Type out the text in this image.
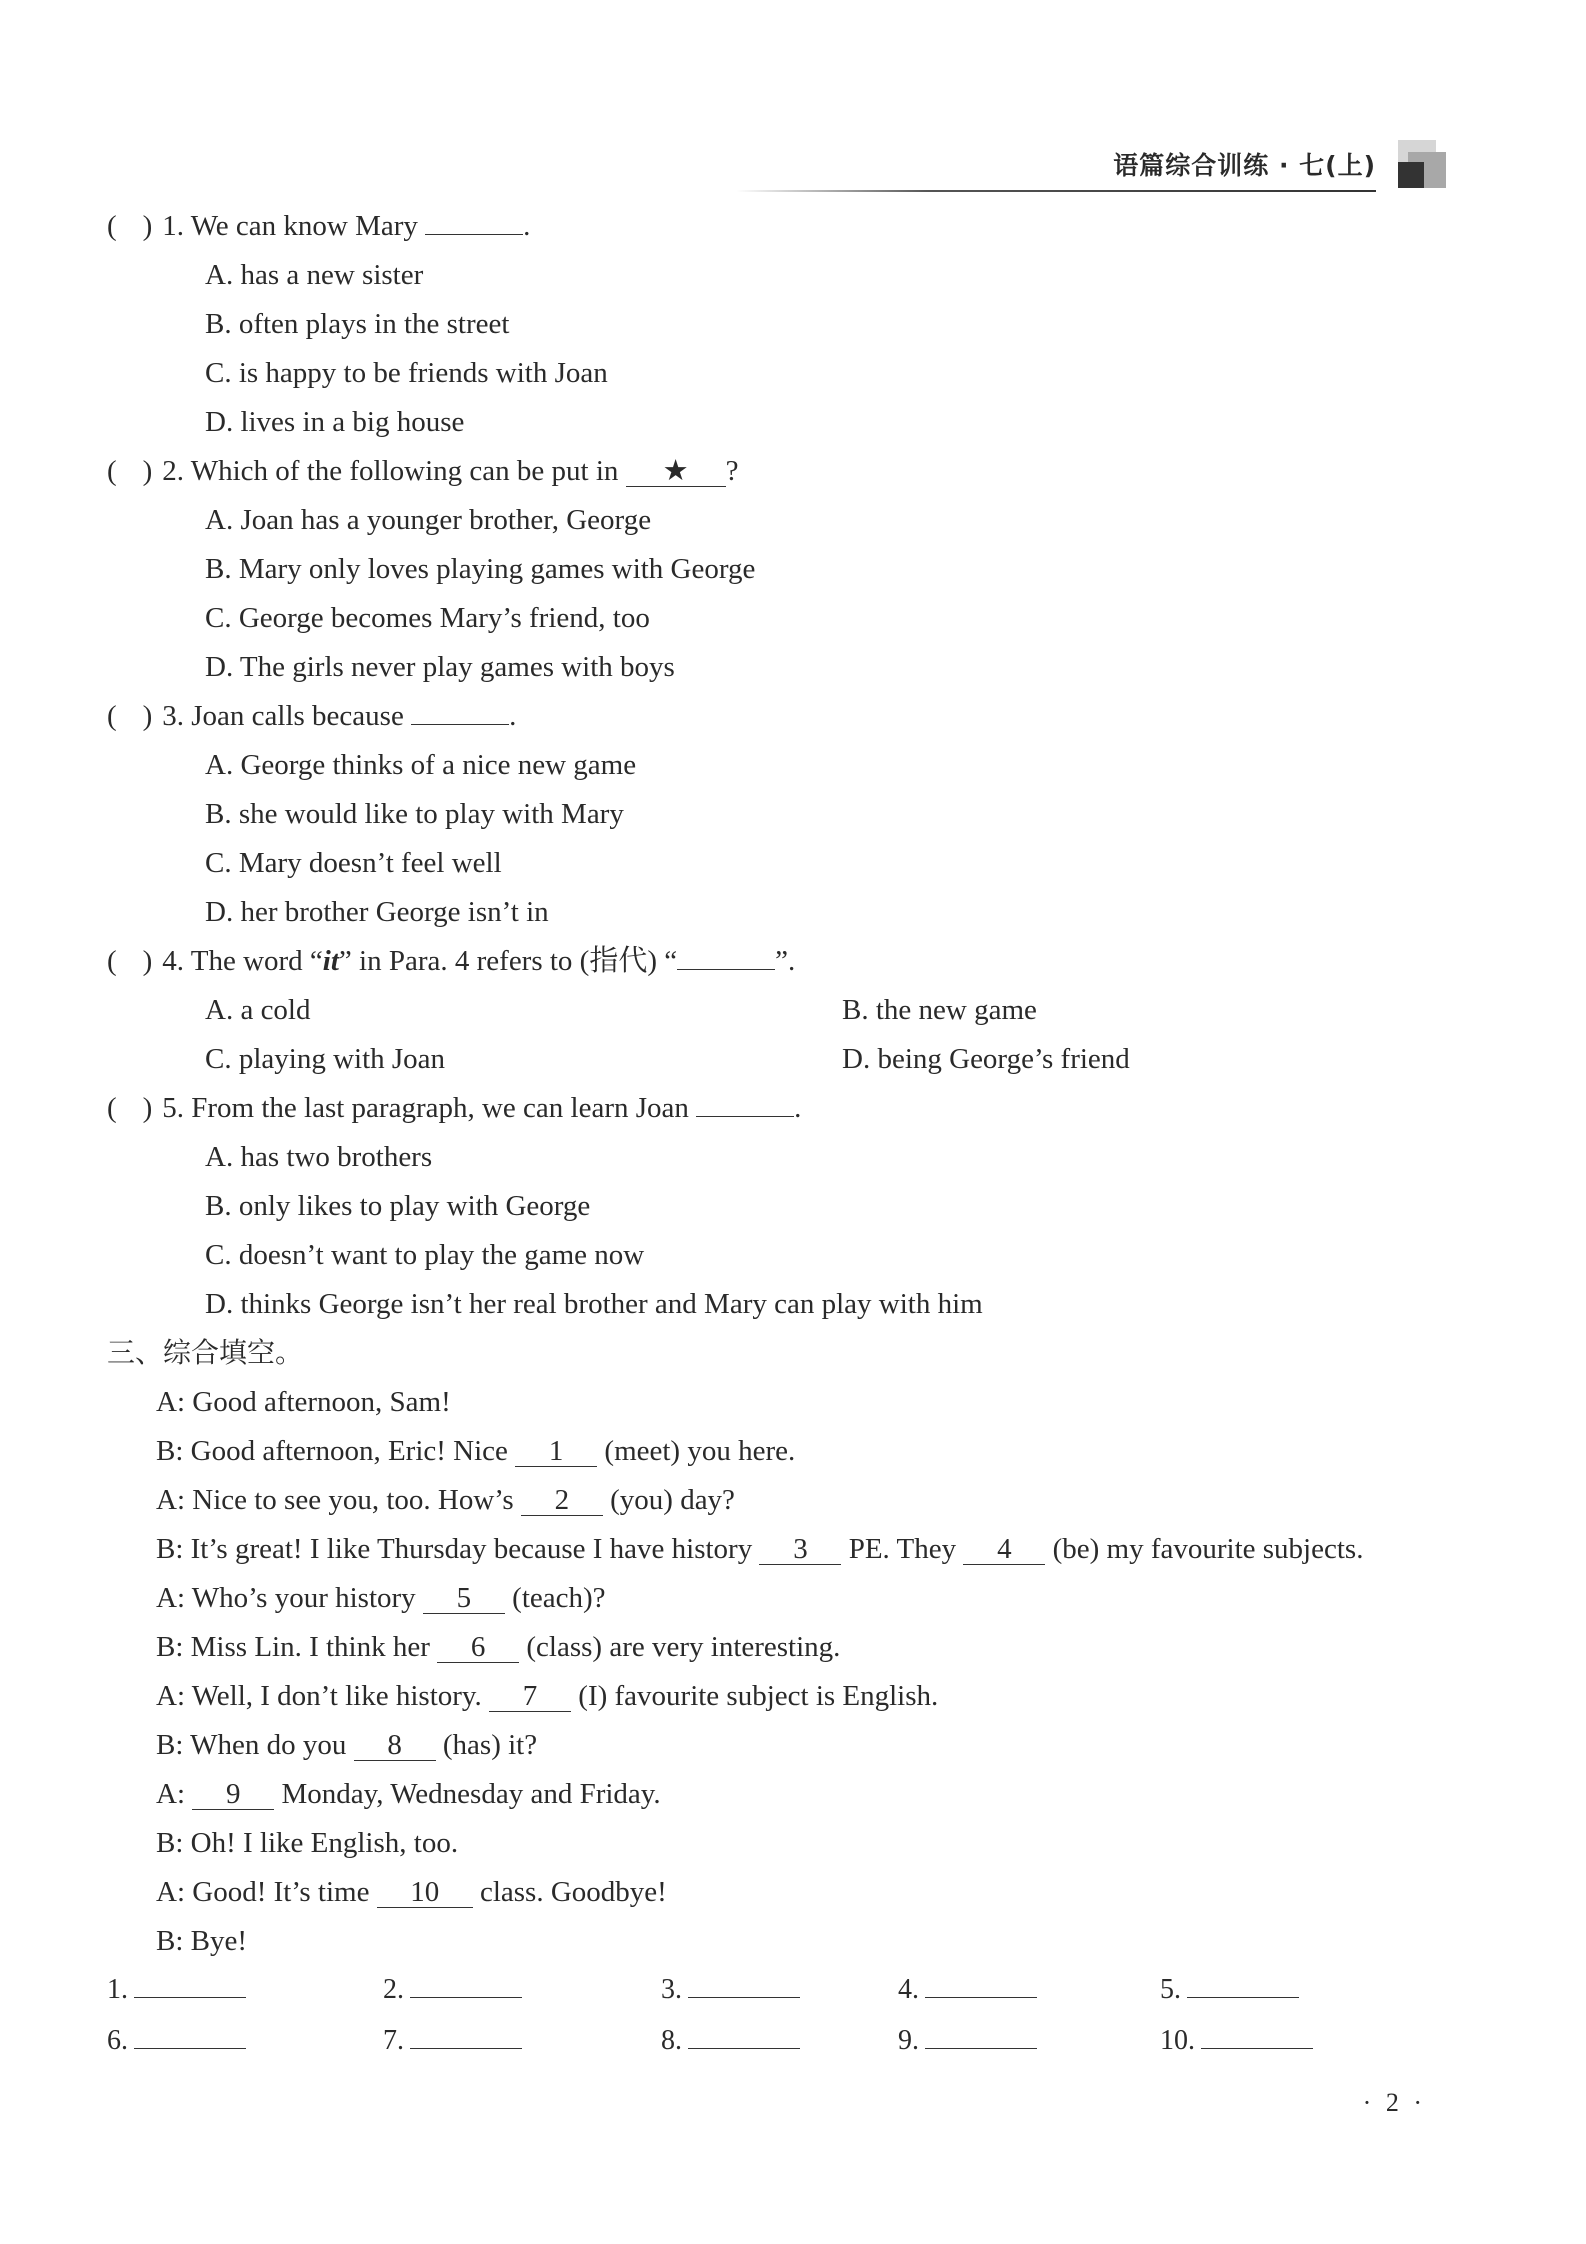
语篇综合训练 · 七(上)
( ) 1. We can know Mary	.
A. has a new sister
B. often plays in the street
C. is happy to be friends with Joan
D. lives in a big house
( ) 2. Which of the following can be put in ★ ?
A. Joan has a younger brother, George
B. Mary only loves playing games with George
C. George becomes Mary’s friend, too
D. The girls never play games with boys
( ) 3. Joan calls because	.
A. George thinks of a nice new game
B. she would like to play with Mary
C. Mary doesn’t feel well
D. her brother George isn’t in
( ) 4. The word “it” in Para. 4 refers to (指代) “	”.
A. a cold	B. the new game
C. playing with Joan	D. being George’s friend
( ) 5. From the last paragraph, we can learn Joan	.
A. has two brothers
B. only likes to play with George
C. doesn’t want to play the game now
D. thinks George isn’t her real brother and Mary can play with him
三、综合填空。
A: Good afternoon, Sam!
B: Good afternoon, Eric! Nice 1 (meet) you here.
A: Nice to see you, too. How’s 2 (you) day?
B: It’s great! I like Thursday because I have history 3 PE. They 4 (be) my favourite subjects.
A: Who’s your history 5 (teach)?
B: Miss Lin. I think her 6 (class) are very interesting.
A: Well, I don’t like history. 7 (I) favourite subject is English.
B: When do you 8 (has) it?
A: 9 Monday, Wednesday and Friday.
B: Oh! I like English, too.
A: Good! It’s time 10 class. Goodbye!
B: Bye!
1.	2.	3.	4.	5.
6.	7.	8.	9.	10.
· 2 ·
